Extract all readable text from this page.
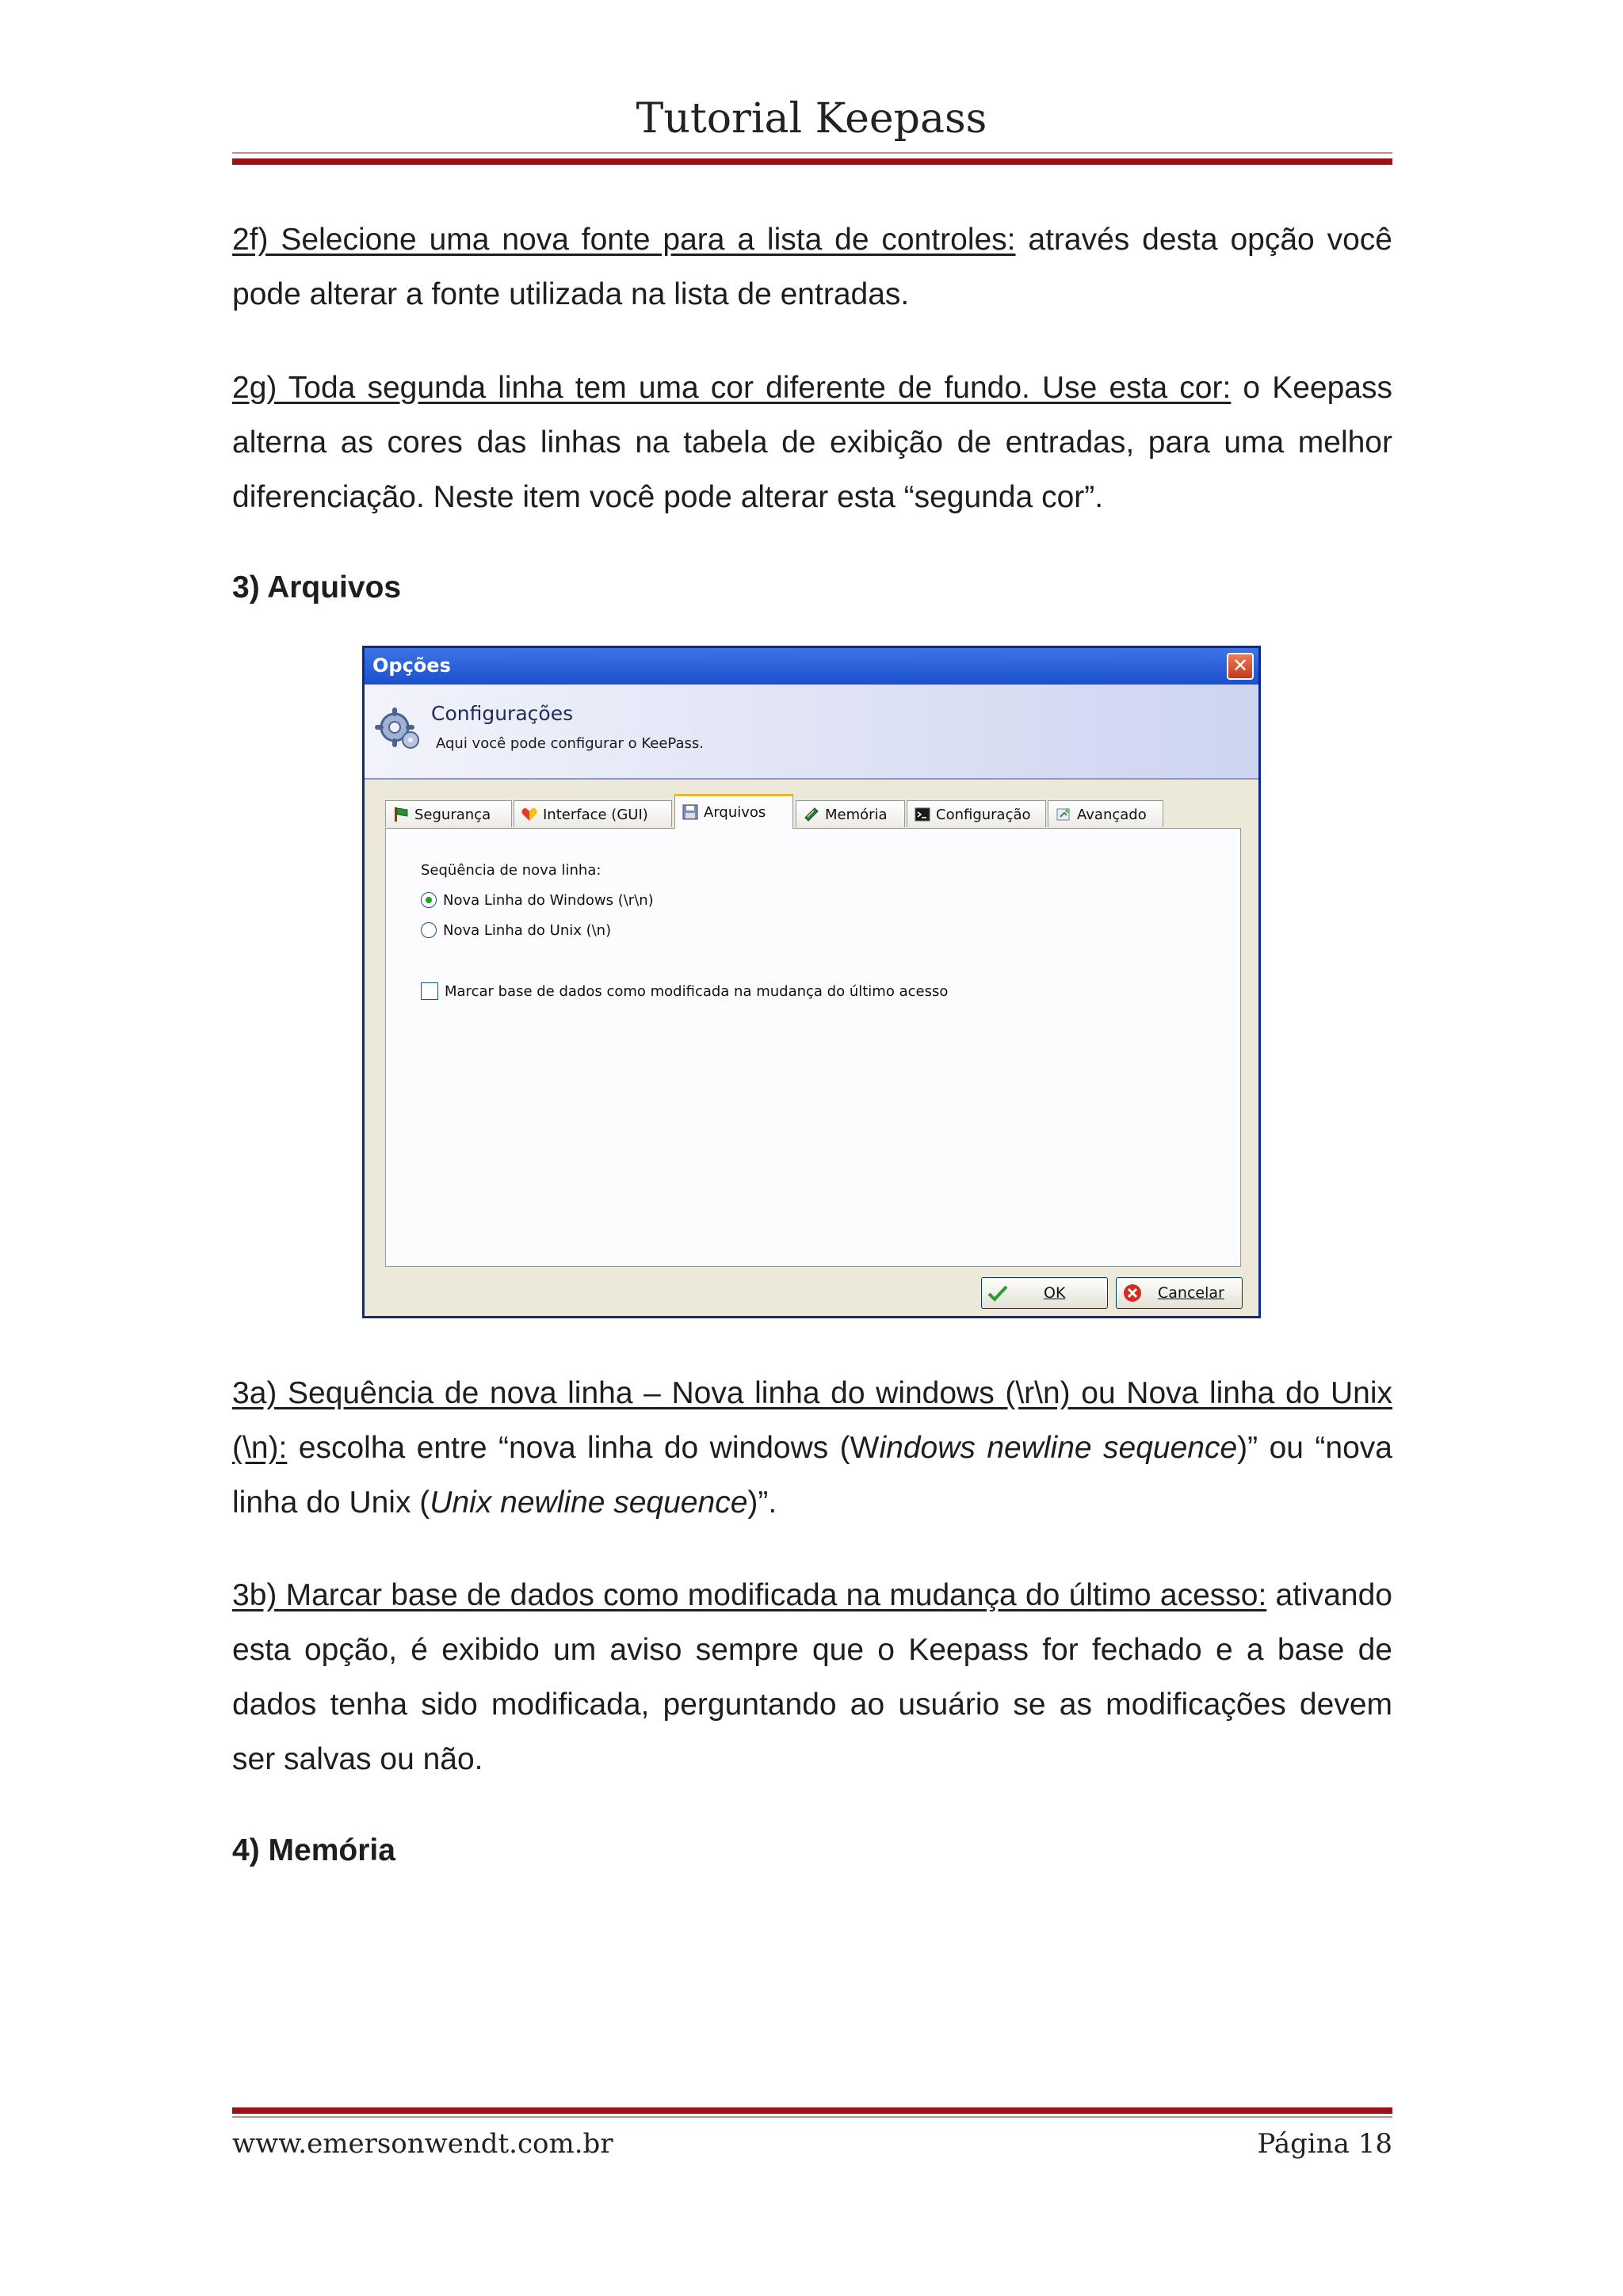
Tutorial Keepass

2f) Selecione uma nova fonte para a lista de controles: através desta opção você pode alterar a fonte utilizada na lista de entradas.

2g) Toda segunda linha tem uma cor diferente de fundo. Use esta cor: o Keepass alterna as cores das linhas na tabela de exibição de entradas, para uma melhor diferenciação. Neste item você pode alterar esta “segunda cor”.

3) Arquivos

Opções	✕
Configurações
Aqui você pode configurar o KeePass.
Segurança	Interface (GUI)	Arquivos	Memória	Configuração	Avançado
Seqüência de nova linha:
Nova Linha do Windows (\r\n)
Nova Linha do Unix (\n)
Marcar base de dados como modificada na mudança do último acesso
OK	Cancelar

3a) Sequência de nova linha – Nova linha do windows (\r\n) ou Nova linha do Unix (\n): escolha entre “nova linha do windows (Windows newline sequence)” ou “nova linha do Unix (Unix newline sequence)”.

3b) Marcar base de dados como modificada na mudança do último acesso: ativando esta opção, é exibido um aviso sempre que o Keepass for fechado e a base de dados tenha sido modificada, perguntando ao usuário se as modificações devem ser salvas ou não.

4) Memória

www.emersonwendt.com.br	Página 18
